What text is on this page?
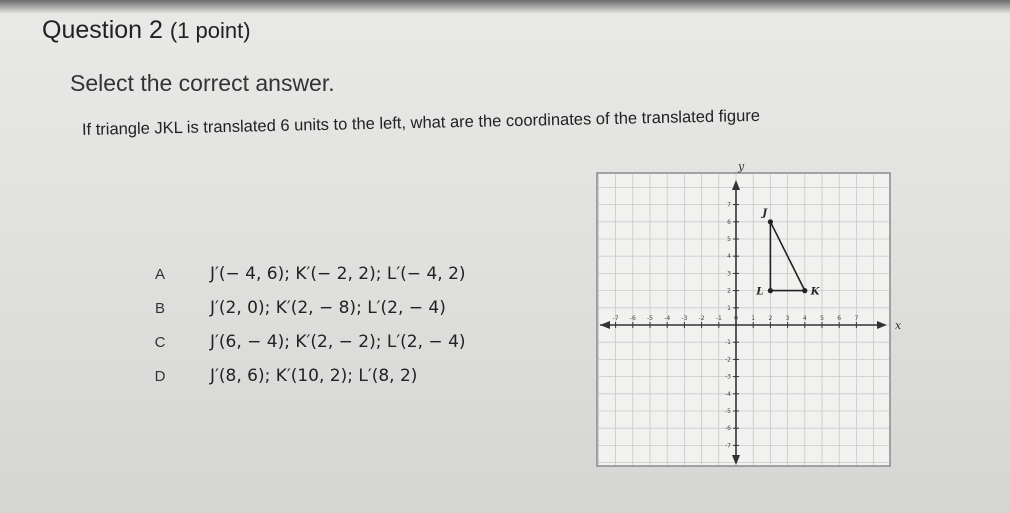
Question 2 (1 point)
Select the correct answer.
If triangle JKL is translated 6 units to the left, what are the coordinates of the translated figure
A	J′(− 4, 6); K′(− 2, 2); L′(− 4, 2)
B	J′(2, 0); K′(2, − 8); L′(2, − 4)
C	J′(6, − 4); K′(2, − 2); L′(2, − 4)
D	J′(8, 6); K′(10, 2); L′(8, 2)
x
y
-7 -6 -5 -4 -3 -2 -1 0 1 2 3 4 5 6 7
-7
-6
-5
-4
-3
-2
-1
1
2
3
4
5
6
7
J
K
L
